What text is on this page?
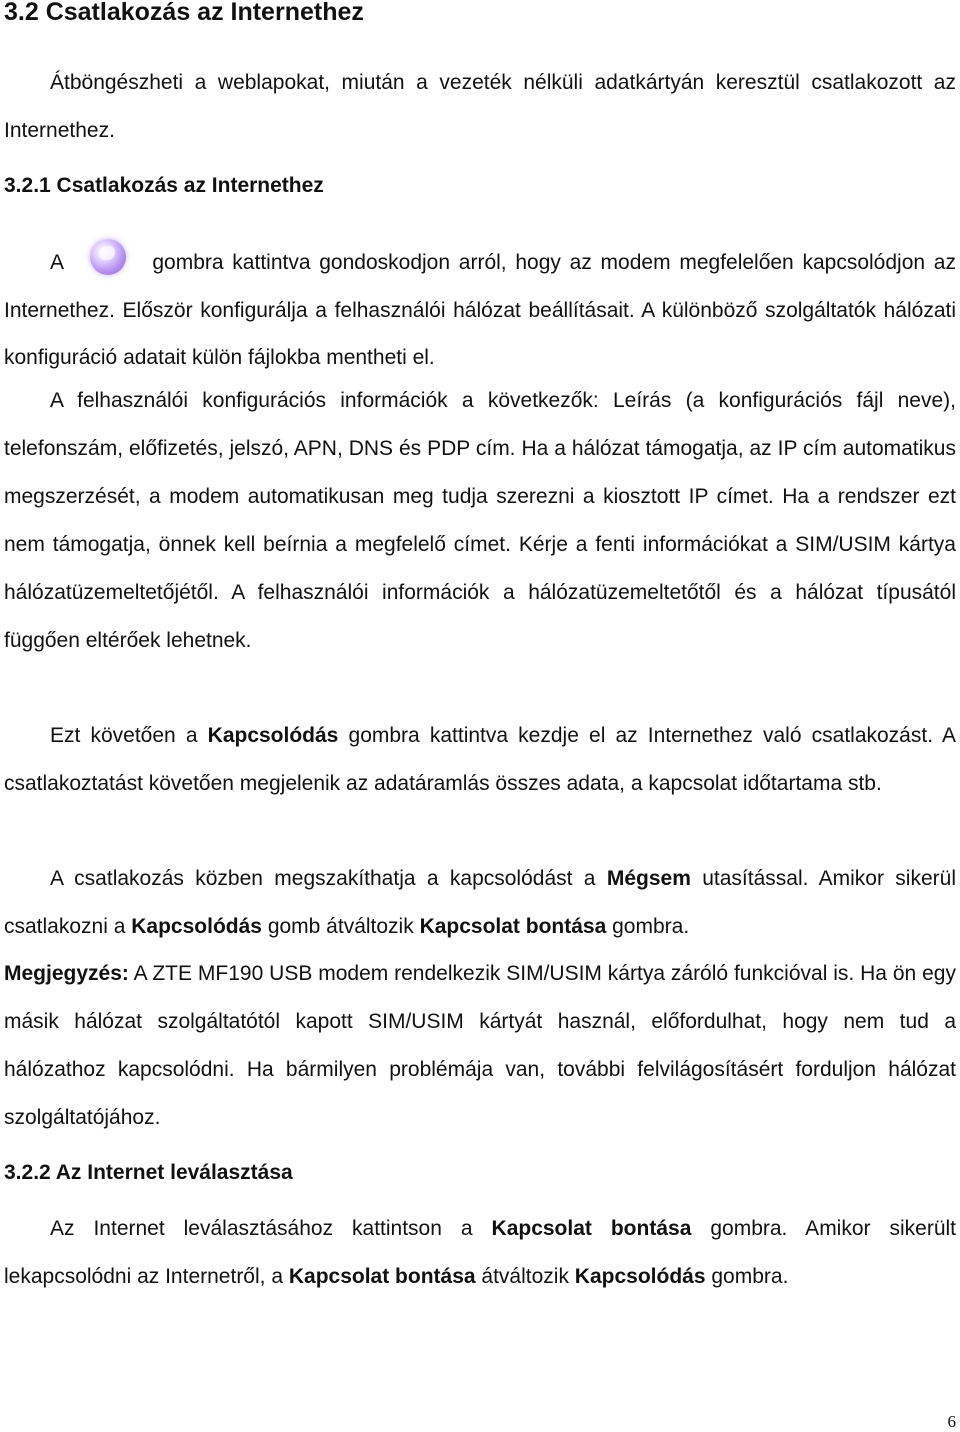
3.2 Csatlakozás az Internethez
Átböngészheti a weblapokat, miután a vezeték nélküli adatkártyán keresztül csatlakozott az Internethez.
3.2.1 Csatlakozás az Internethez
A	gombra kattintva gondoskodjon arról, hogy az modem megfelelően kapcsolódjon az Internethez. Először konfigurálja a felhasználói hálózat beállításait. A különböző szolgáltatók hálózati konfiguráció adatait külön fájlokba mentheti el.
A felhasználói konfigurációs információk a következők: Leírás (a konfigurációs fájl neve), telefonszám, előfizetés, jelszó, APN, DNS és PDP cím. Ha a hálózat támogatja, az IP cím automatikus megszerzését, a modem automatikusan meg tudja szerezni a kiosztott IP címet. Ha a rendszer ezt nem támogatja, önnek kell beírnia a megfelelő címet. Kérje a fenti információkat a SIM/USIM kártya hálózatüzemeltetőjétől. A felhasználói információk a hálózatüzemeltetőtől és a hálózat típusától függően eltérőek lehetnek.
Ezt követően a Kapcsolódás gombra kattintva kezdje el az Internethez való csatlakozást. A csatlakoztatást követően megjelenik az adatáramlás összes adata, a kapcsolat időtartama stb.
A csatlakozás közben megszakíthatja a kapcsolódást a Mégsem utasítással. Amikor sikerül csatlakozni a Kapcsolódás gomb átváltozik Kapcsolat bontása gombra.
Megjegyzés: A ZTE MF190 USB modem rendelkezik SIM/USIM kártya záróló funkcióval is. Ha ön egy másik hálózat szolgáltatótól kapott SIM/USIM kártyát használ, előfordulhat, hogy nem tud a hálózathoz kapcsolódni. Ha bármilyen problémája van, további felvilágosításért forduljon hálózat szolgáltatójához.
3.2.2 Az Internet leválasztása
Az Internet leválasztásához kattintson a Kapcsolat bontása gombra. Amikor sikerült lekapcsolódni az Internetről, a Kapcsolat bontása átváltozik Kapcsolódás gombra.
6
